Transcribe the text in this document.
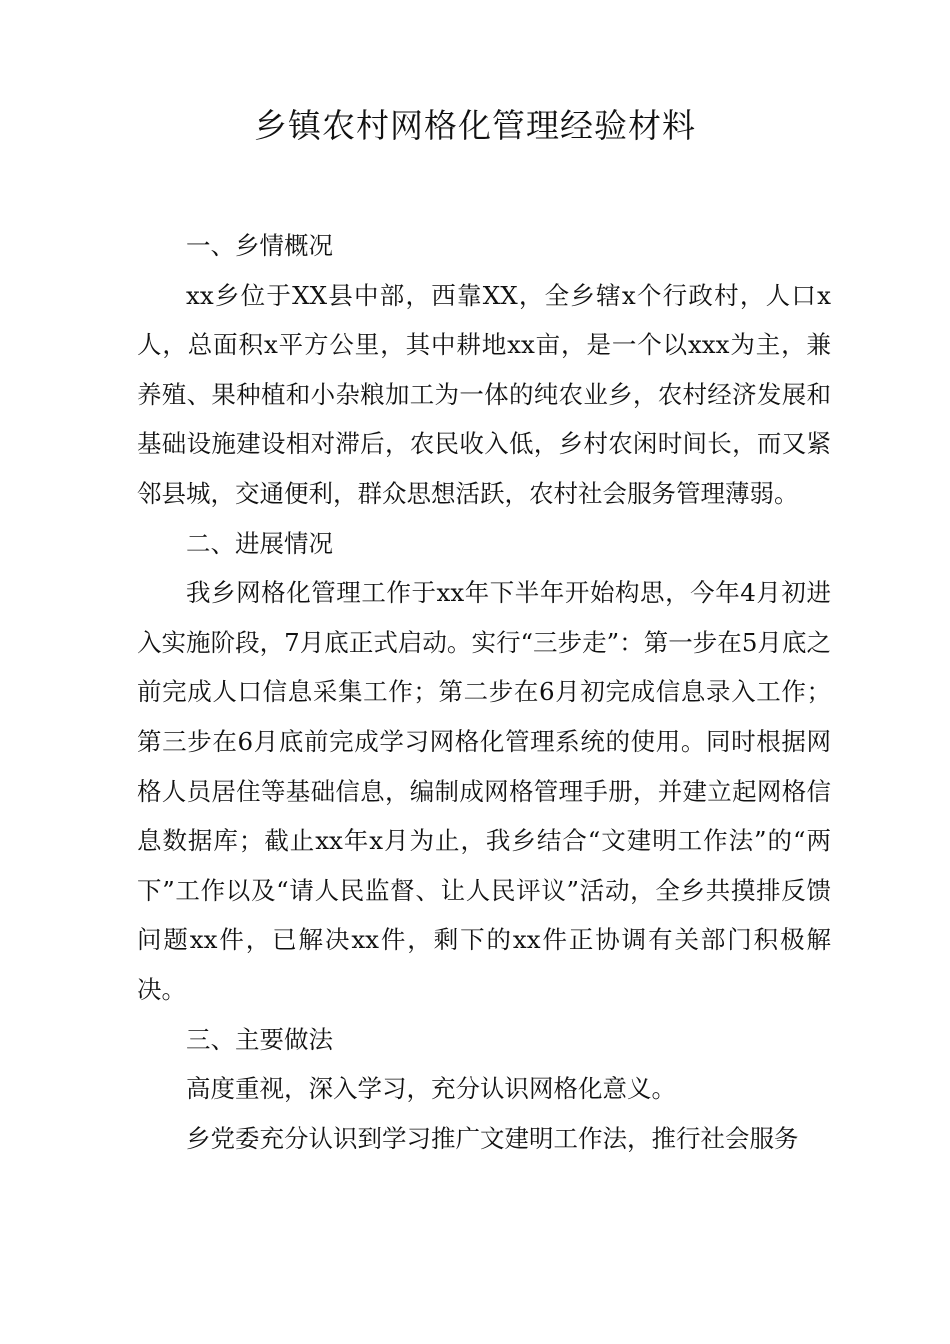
乡镇农村网格化管理经验材料

一、乡情概况

xx乡位于XX县中部，西靠XX，全乡辖x个行政村，人口x人，总面积x平方公里，其中耕地xx亩，是一个以xxx为主，兼养殖、果种植和小杂粮加工为一体的纯农业乡，农村经济发展和基础设施建设相对滞后，农民收入低，乡村农闲时间长，而又紧邻县城，交通便利，群众思想活跃，农村社会服务管理薄弱。

二、进展情况

我乡网格化管理工作于xx年下半年开始构思，今年4月初进入实施阶段，7月底正式启动。实行“三步走”：第一步在5月底之前完成人口信息采集工作；第二步在6月初完成信息录入工作；第三步在6月底前完成学习网格化管理系统的使用。同时根据网格人员居住等基础信息，编制成网格管理手册，并建立起网格信息数据库；截止xx年x月为止，我乡结合“文建明工作法”的“两下”工作以及“请人民监督、让人民评议”活动，全乡共摸排反馈问题xx件，已解决xx件，剩下的xx件正协调有关部门积极解决。

三、主要做法

高度重视，深入学习，充分认识网格化意义。

乡党委充分认识到学习推广文建明工作法，推行社会服务
